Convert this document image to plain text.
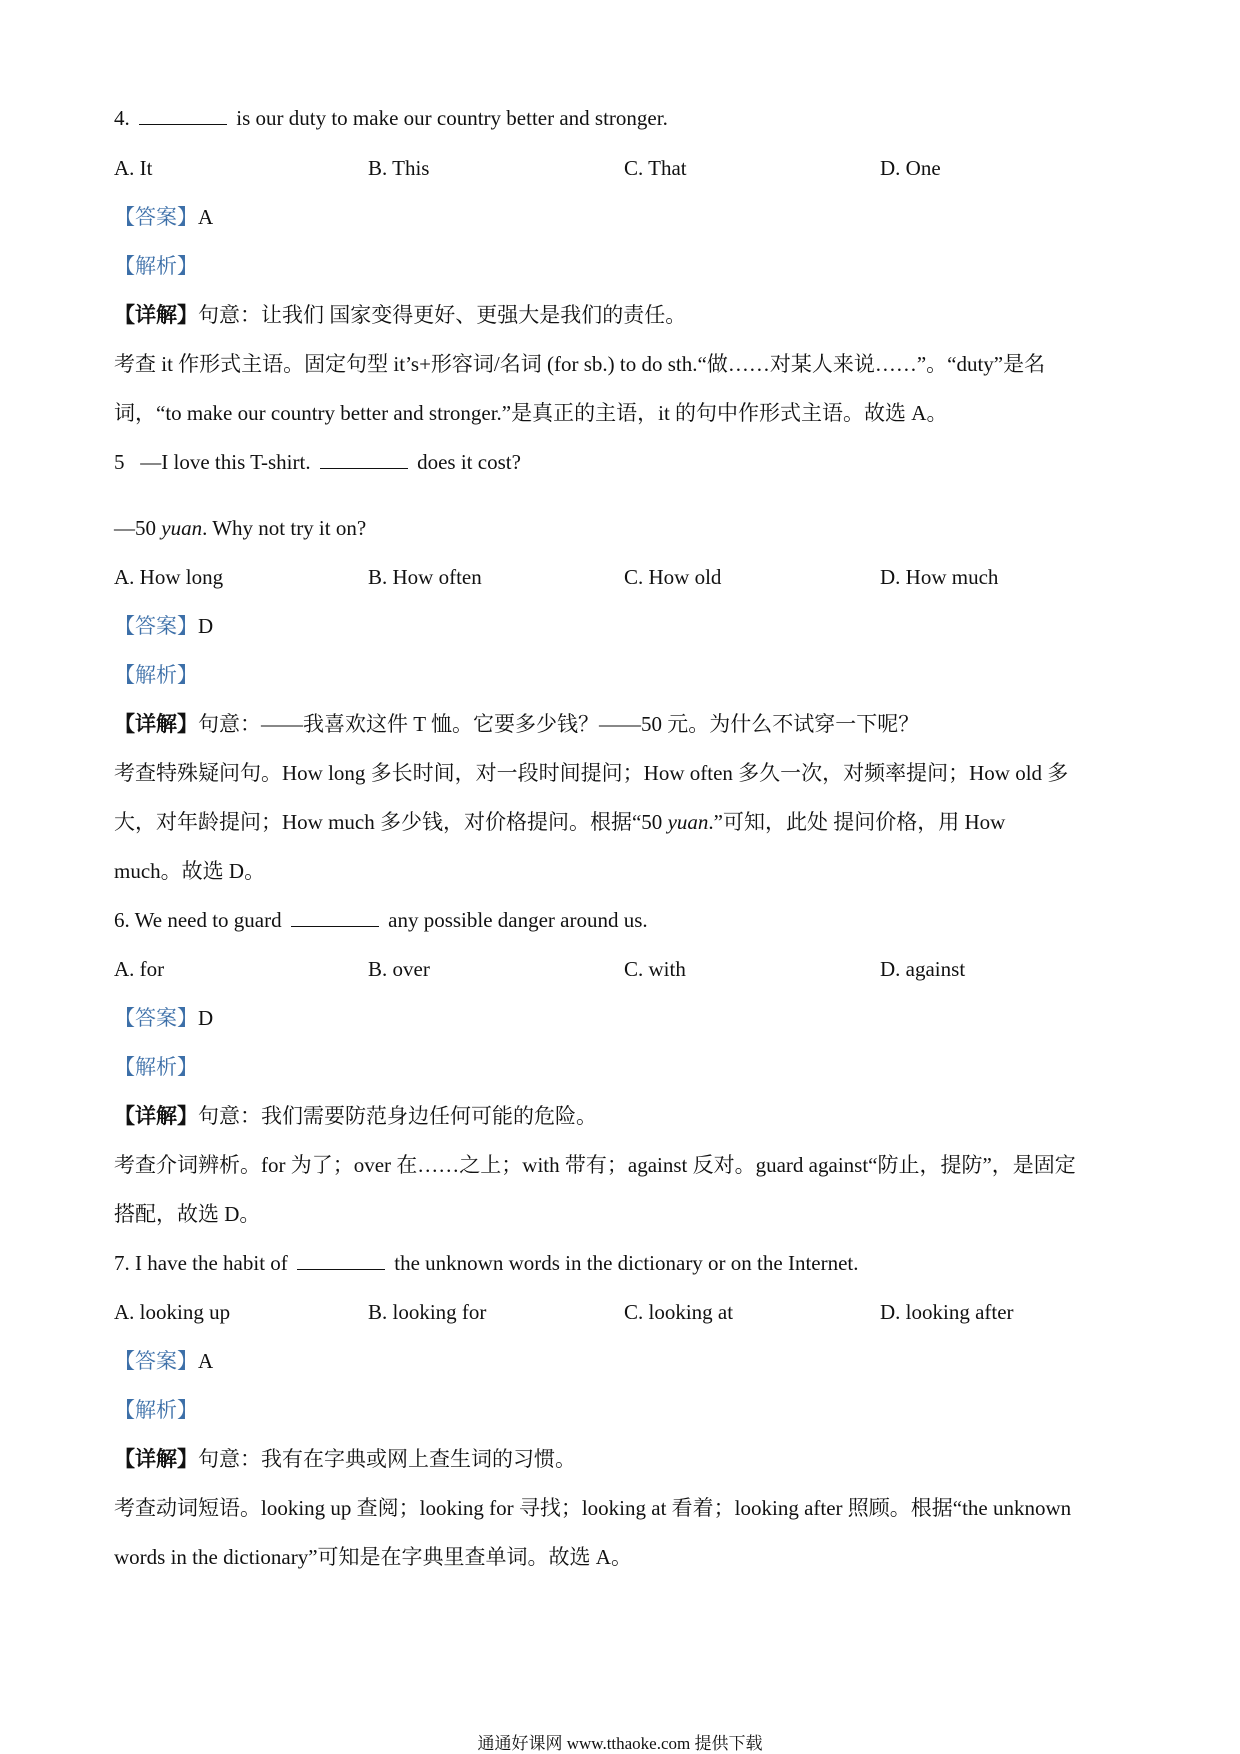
4.	is our duty to make our country better and stronger.
A. It	B. This	C. That	D. One
【答案】A
【解析】
【详解】句意：让我们 国家变得更好、更强大是我们的责任。
考查 it 作形式主语。固定句型 it’s+形容词/名词 (for sb.) to do sth.“做……对某人来说……”。“duty”是名
词，“to make our country better and stronger.”是真正的主语，it 的句中作形式主语。故选 A。
5 —I love this T-shirt.	does it cost?
—50 yuan. Why not try it on?
A. How long	B. How often	C. How old	D. How much
【答案】D
【解析】
【详解】句意：——我喜欢这件 T 恤。它要多少钱？——50 元。为什么不试穿一下呢？
考查特殊疑问句。How long 多长时间，对一段时间提问；How often 多久一次，对频率提问；How old 多
大，对年龄提问；How much 多少钱，对价格提问。根据“50 yuan.”可知，此处 提问价格，用 How
much。故选 D。
6. We need to guard	any possible danger around us.
A. for	B. over	C. with	D. against
【答案】D
【解析】
【详解】句意：我们需要防范身边任何可能的危险。
考查介词辨析。for 为了；over 在……之上；with 带有；against 反对。guard against“防止，提防”，是固定
搭配，故选 D。
7. I have the habit of	the unknown words in the dictionary or on the Internet.
A. looking up	B. looking for	C. looking at	D. looking after
【答案】A
【解析】
【详解】句意：我有在字典或网上查生词的习惯。
考查动词短语。looking up 查阅；looking for 寻找；looking at 看着；looking after 照顾。根据“the unknown
words in the dictionary”可知是在字典里查单词。故选 A。
通通好课网 www.tthaoke.com 提供下载
